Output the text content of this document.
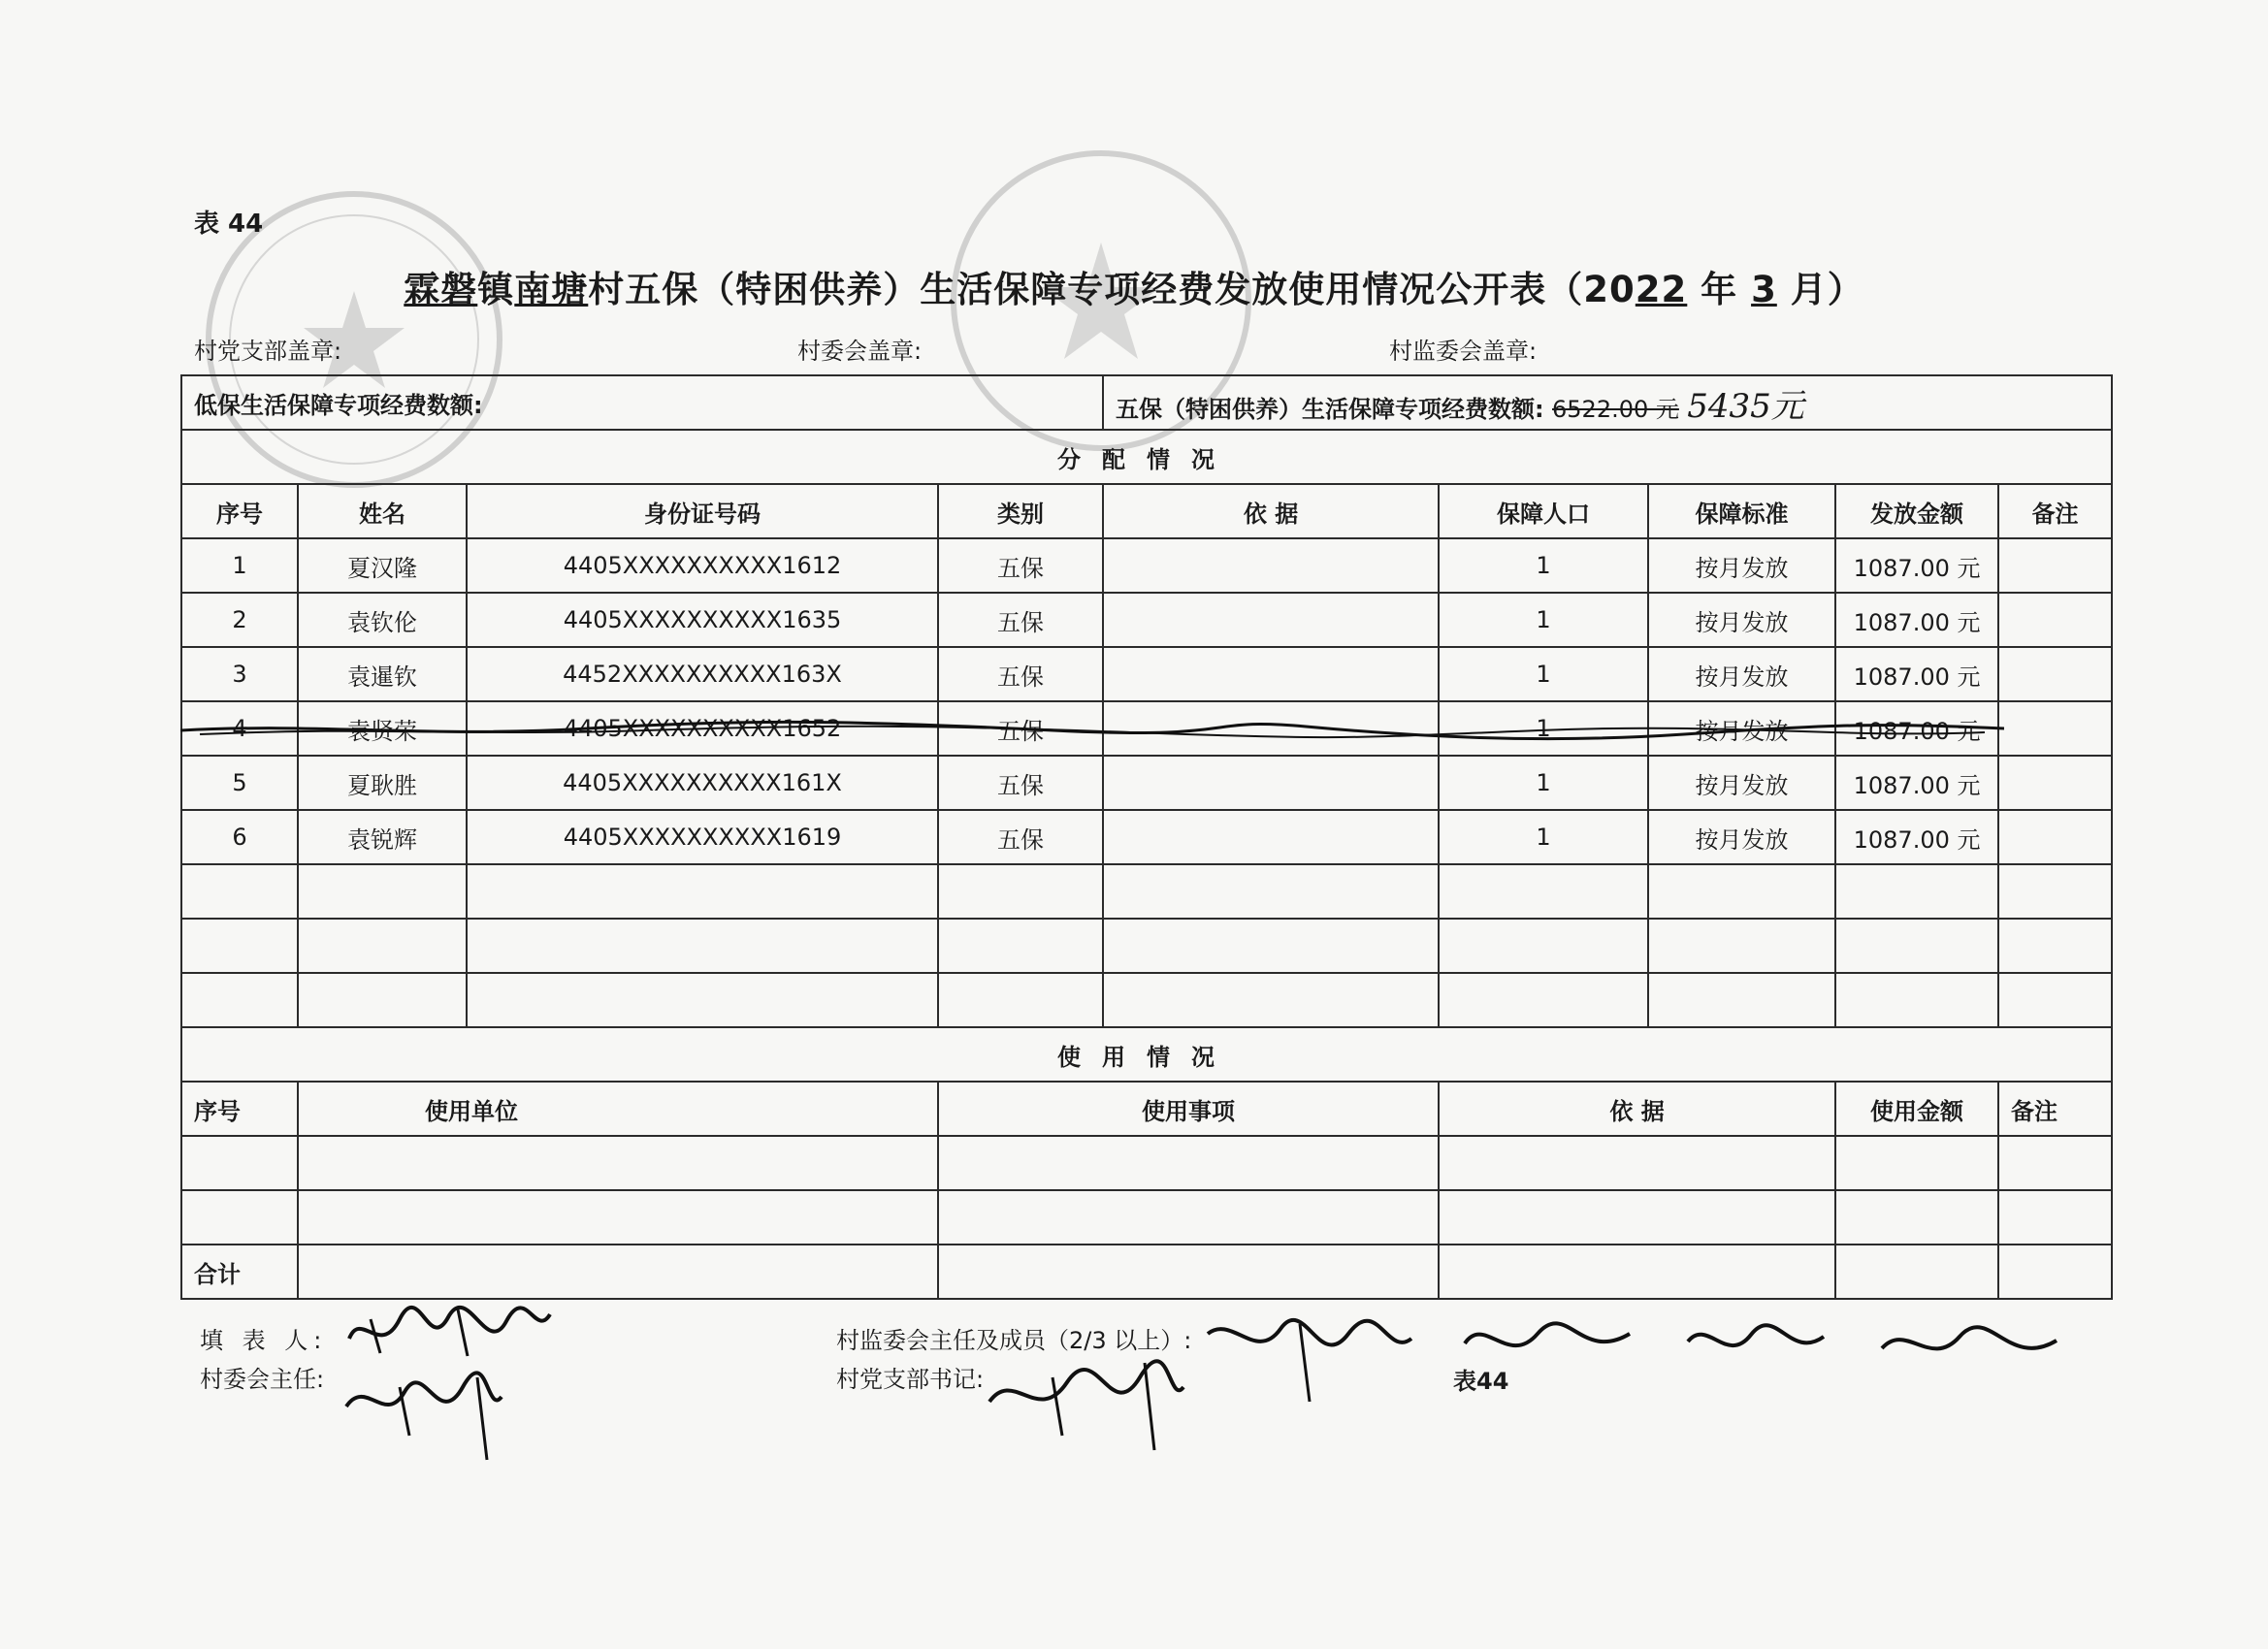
表 44
霖磐镇南塘村五保（特困供养）生活保障专项经费发放使用情况公开表（2022 年 3 月）
村党支部盖章:	村委会盖章:	村监委会盖章:
低保生活保障专项经费数额:				五保（特困供养）生活保障专项经费数额: 6522.00 元 5435元				
分配情况								
序号	姓名	身份证号码	类别	依 据	保障人口	保障标准	发放金额	备注
1	夏汉隆	4405XXXXXXXXXX1612	五保		1	按月发放	1087.00 元	
2	袁钦伦	4405XXXXXXXXXX1635	五保		1	按月发放	1087.00 元	
3	袁暹钦	4452XXXXXXXXXX163X	五保		1	按月发放	1087.00 元	
4	袁贤荣	4405XXXXXXXXXX1652	五保		1	按月发放	1087.00 元	
5	夏耿胜	4405XXXXXXXXXX161X	五保		1	按月发放	1087.00 元	
6	袁锐辉	4405XXXXXXXXXX1619	五保		1	按月发放	1087.00 元	

使用情况								
序号	使用单位		使用事项		依 据		使用金额	备注

合计								
填 表 人:
村委会主任:
村监委会主任及成员（2/3 以上）:
村党支部书记:	表44
